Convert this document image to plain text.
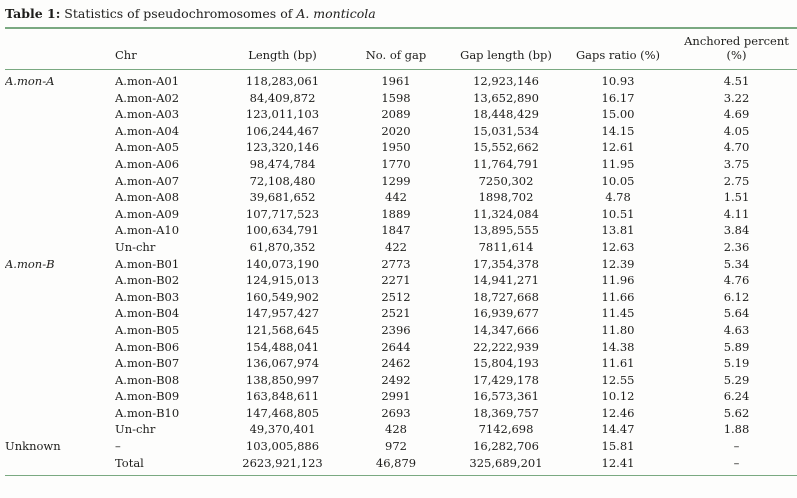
Table 1: Statistics of pseudochromosomes of A. monticola
	Chr	Length (bp)	No. of gap	Gap length (bp)	Gaps ratio (%)	Anchored percent (%)
A.mon-A	A.mon-A01	118,283,061	1961	12,923,146	10.93	4.51
	A.mon-A02	84,409,872	1598	13,652,890	16.17	3.22
	A.mon-A03	123,011,103	2089	18,448,429	15.00	4.69
	A.mon-A04	106,244,467	2020	15,031,534	14.15	4.05
	A.mon-A05	123,320,146	1950	15,552,662	12.61	4.70
	A.mon-A06	98,474,784	1770	11,764,791	11.95	3.75
	A.mon-A07	72,108,480	1299	7250,302	10.05	2.75
	A.mon-A08	39,681,652	442	1898,702	4.78	1.51
	A.mon-A09	107,717,523	1889	11,324,084	10.51	4.11
	A.mon-A10	100,634,791	1847	13,895,555	13.81	3.84
	Un-chr	61,870,352	422	7811,614	12.63	2.36
A.mon-B	A.mon-B01	140,073,190	2773	17,354,378	12.39	5.34
	A.mon-B02	124,915,013	2271	14,941,271	11.96	4.76
	A.mon-B03	160,549,902	2512	18,727,668	11.66	6.12
	A.mon-B04	147,957,427	2521	16,939,677	11.45	5.64
	A.mon-B05	121,568,645	2396	14,347,666	11.80	4.63
	A.mon-B06	154,488,041	2644	22,222,939	14.38	5.89
	A.mon-B07	136,067,974	2462	15,804,193	11.61	5.19
	A.mon-B08	138,850,997	2492	17,429,178	12.55	5.29
	A.mon-B09	163,848,611	2991	16,573,361	10.12	6.24
	A.mon-B10	147,468,805	2693	18,369,757	12.46	5.62
	Un-chr	49,370,401	428	7142,698	14.47	1.88
Unknown	–	103,005,886	972	16,282,706	15.81	–
	Total	2623,921,123	46,879	325,689,201	12.41	–
